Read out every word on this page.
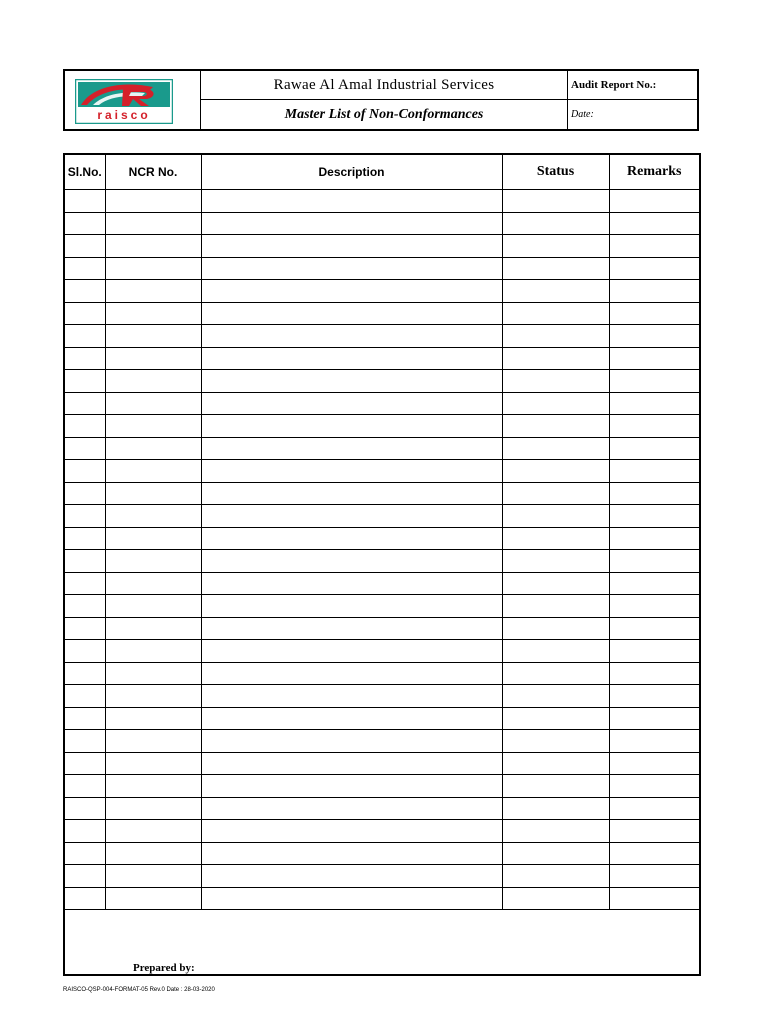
raisco
Rawae Al Amal Industrial Services
Master List of Non-Conformances
Audit Report No.:
Date:
Sl.No.	NCR No.	Description	Status	Remarks

Prepared by:				
RAISCO-QSP-004-FORMAT-05 Rev.0 Date : 28-03-2020
